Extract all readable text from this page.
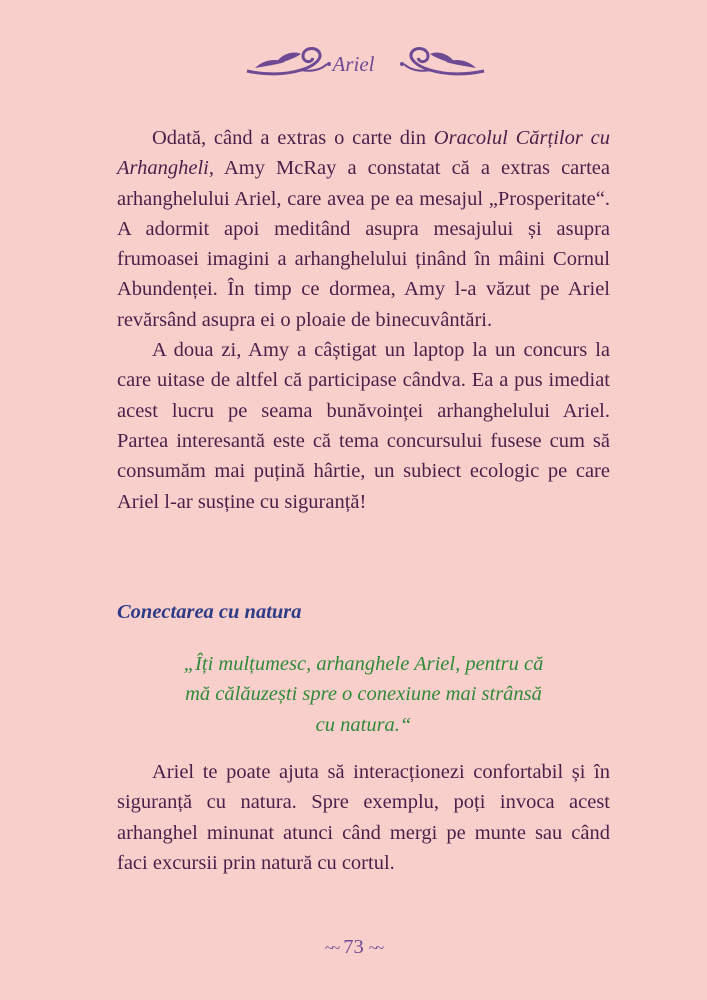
Ariel

Odată, când a extras o carte din Oracolul Cărților cu Arhangheli, Amy McRay a constatat că a extras cartea arhanghelului Ariel, care avea pe ea mesajul „Prosperitate“. A adormit apoi meditând asupra mesajului și asupra frumoasei imagini a arhanghelului ținând în mâini Cornul Abundenței. În timp ce dormea, Amy l-a văzut pe Ariel revărsând asupra ei o ploaie de binecuvântări.

A doua zi, Amy a câștigat un laptop la un concurs la care uitase de altfel că participase cândva. Ea a pus imediat acest lucru pe seama bunăvoinței arhanghelului Ariel. Partea interesantă este că tema concursului fusese cum să consumăm mai puțină hârtie, un subiect ecologic pe care Ariel l-ar susține cu siguranță!

Conectarea cu natura
„Îți mulțumesc, arhanghele Ariel, pentru că
mă călăuzești spre o conexiune mai strânsă
cu natura.“

Ariel te poate ajuta să interacționezi confortabil și în siguranță cu natura. Spre exemplu, poți invoca acest arhanghel minunat atunci când mergi pe munte sau când faci excursii prin natură cu cortul.

~~ 73 ~~
